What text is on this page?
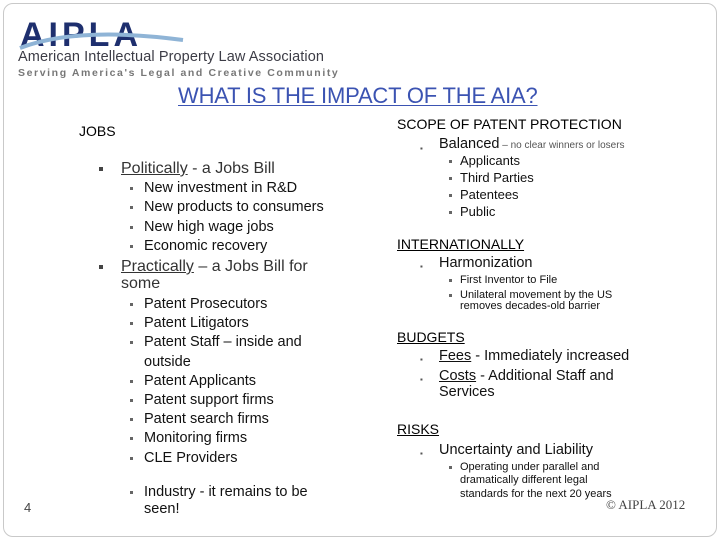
AIPLA
American Intellectual Property Law Association
Serving America's Legal and Creative Community
WHAT IS THE IMPACT OF THE AIA?
JOBS
Politically - a Jobs Bill
New investment in R&D
New products to consumers
New high wage jobs
Economic recovery
Practically – a Jobs Bill for
some
Patent Prosecutors
Patent Litigators
Patent Staff – inside and
outside
Patent Applicants
Patent support firms
Patent search firms
Monitoring firms
CLE Providers
Industry - it remains to be
seen!
SCOPE OF PATENT PROTECTION
▪ Balanced – no clear winners or losers
Applicants
Third Parties
Patentees
Public
INTERNATIONALLY
▪ Harmonization
First Inventor to File
Unilateral movement by the US
removes decades-old barrier
BUDGETS
▪ Fees - Immediately increased
▪ Costs - Additional Staff and
Services
RISKS
▪ Uncertainty and Liability
Operating under parallel and
dramatically different legal
standards for the next 20 years
4	© AIPLA 2012
